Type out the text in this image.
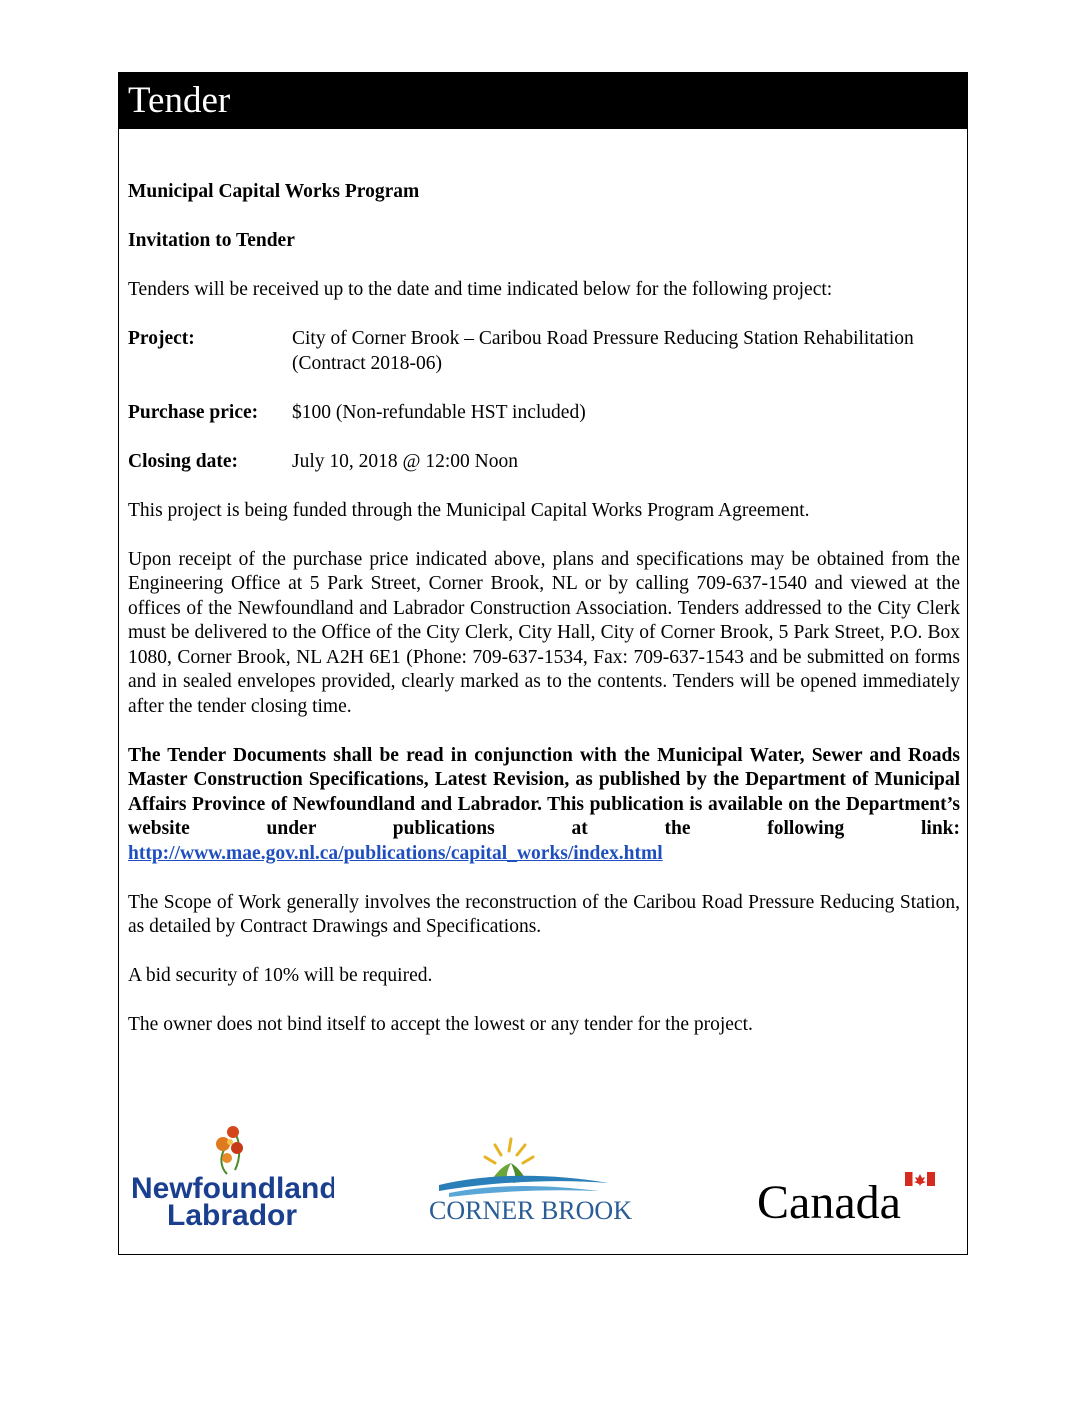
Tender

Municipal Capital Works Program

Invitation to Tender

Tenders will be received up to the date and time indicated below for the following project:

Project:	City of Corner Brook – Caribou Road Pressure Reducing Station Rehabilitation (Contract 2018-06)
Purchase price:	$100 (Non-refundable HST included)
Closing date:	July 10, 2018 @ 12:00 Noon

This project is being funded through the Municipal Capital Works Program Agreement.

Upon receipt of the purchase price indicated above, plans and specifications may be obtained from the Engineering Office at 5 Park Street, Corner Brook, NL or by calling 709-637-1540 and viewed at the offices of the Newfoundland and Labrador Construction Association. Tenders addressed to the City Clerk must be delivered to the Office of the City Clerk, City Hall, City of Corner Brook, 5 Park Street, P.O. Box 1080, Corner Brook, NL A2H 6E1 (Phone: 709-637-1534, Fax: 709-637-1543 and be submitted on forms and in sealed envelopes provided, clearly marked as to the contents. Tenders will be opened immediately after the tender closing time.

The Tender Documents shall be read in conjunction with the Municipal Water, Sewer and Roads Master Construction Specifications, Latest Revision, as published by the Department of Municipal Affairs Province of Newfoundland and Labrador. This publication is available on the Department’s website under publications at the following link: http://www.mae.gov.nl.ca/publications/capital_works/index.html

The Scope of Work generally involves the reconstruction of the Caribou Road Pressure Reducing Station, as detailed by Contract Drawings and Specifications.

A bid security of 10% will be required.

The owner does not bind itself to accept the lowest or any tender for the project.

Newfoundland
Labrador	CORNER BROOK	Canada
